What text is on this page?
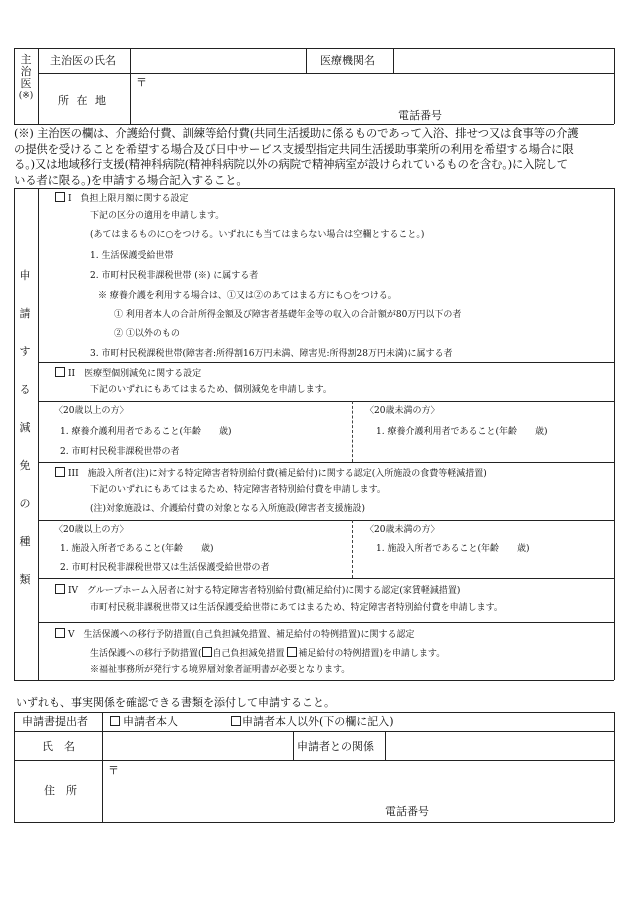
主
治
医
(※)
主治医の氏名	医療機関名
所 在 地
〒
電話番号
(※) 主治医の欄は、介護給付費、訓練等給付費(共同生活援助に係るものであって入浴、排せつ又は食事等の介護
の提供を受けることを希望する場合及び日中サービス支援型指定共同生活援助事業所の利用を希望する場合に限
る。)又は地域移行支援(精神科病院(精神科病院以外の病院で精神病室が設けられているものを含む。)に入院して
いる者に限る。)を申請する場合記入すること。
申
請
す
る
減
免
の
種
類
I　負担上限月額に関する設定
下記の区分の適用を申請します。
(あてはまるものに○をつける。いずれにも当てはまらない場合は空欄とすること。)
1. 生活保護受給世帯
2. 市町村民税非課税世帯 (※) に属する者
※ 療養介護を利用する場合は、①又は②のあてはまる方にも○をつける。
① 利用者本人の合計所得金額及び障害者基礎年金等の収入の合計額が80万円以下の者
② ①以外のもの
3. 市町村民税課税世帯(障害者:所得割16万円未満、障害児:所得割28万円未満)に属する者
II　医療型個別減免に関する設定
下記のいずれにもあてはまるため、個別減免を申請します。
〈20歳以上の方〉
1. 療養介護利用者であること(年齢　　歳)
2. 市町村民税非課税世帯の者
〈20歳未満の方〉
1. 療養介護利用者であること(年齢　　歳)
III　施設入所者(注)に対する特定障害者特別給付費(補足給付)に関する認定(入所施設の食費等軽減措置)
下記のいずれにもあてはまるため、特定障害者特別給付費を申請します。
(注)対象施設は、介護給付費の対象となる入所施設(障害者支援施設)
〈20歳以上の方〉
1. 施設入所者であること(年齢　　歳)
2. 市町村民税非課税世帯又は生活保護受給世帯の者
〈20歳未満の方〉
1. 施設入所者であること(年齢　　歳)
IV　グループホーム入居者に対する特定障害者特別給付費(補足給付)に関する認定(家賃軽減措置)
市町村民税非課税世帯又は生活保護受給世帯にあてはまるため、特定障害者特別給付費を申請します。
V　生活保護への移行予防措置(自己負担減免措置、補足給付の特例措置)に関する認定
生活保護への移行予防措置( 自己負担減免措置 補足給付の特例措置)を申請します。
※福祉事務所が発行する境界層対象者証明書が必要となります。
いずれも、事実関係を確認できる書類を添付して申請すること。
申請書提出者	申請者本人	申請者本人以外(下の欄に記入)
氏　名	申請者との関係
住　所
〒
電話番号
